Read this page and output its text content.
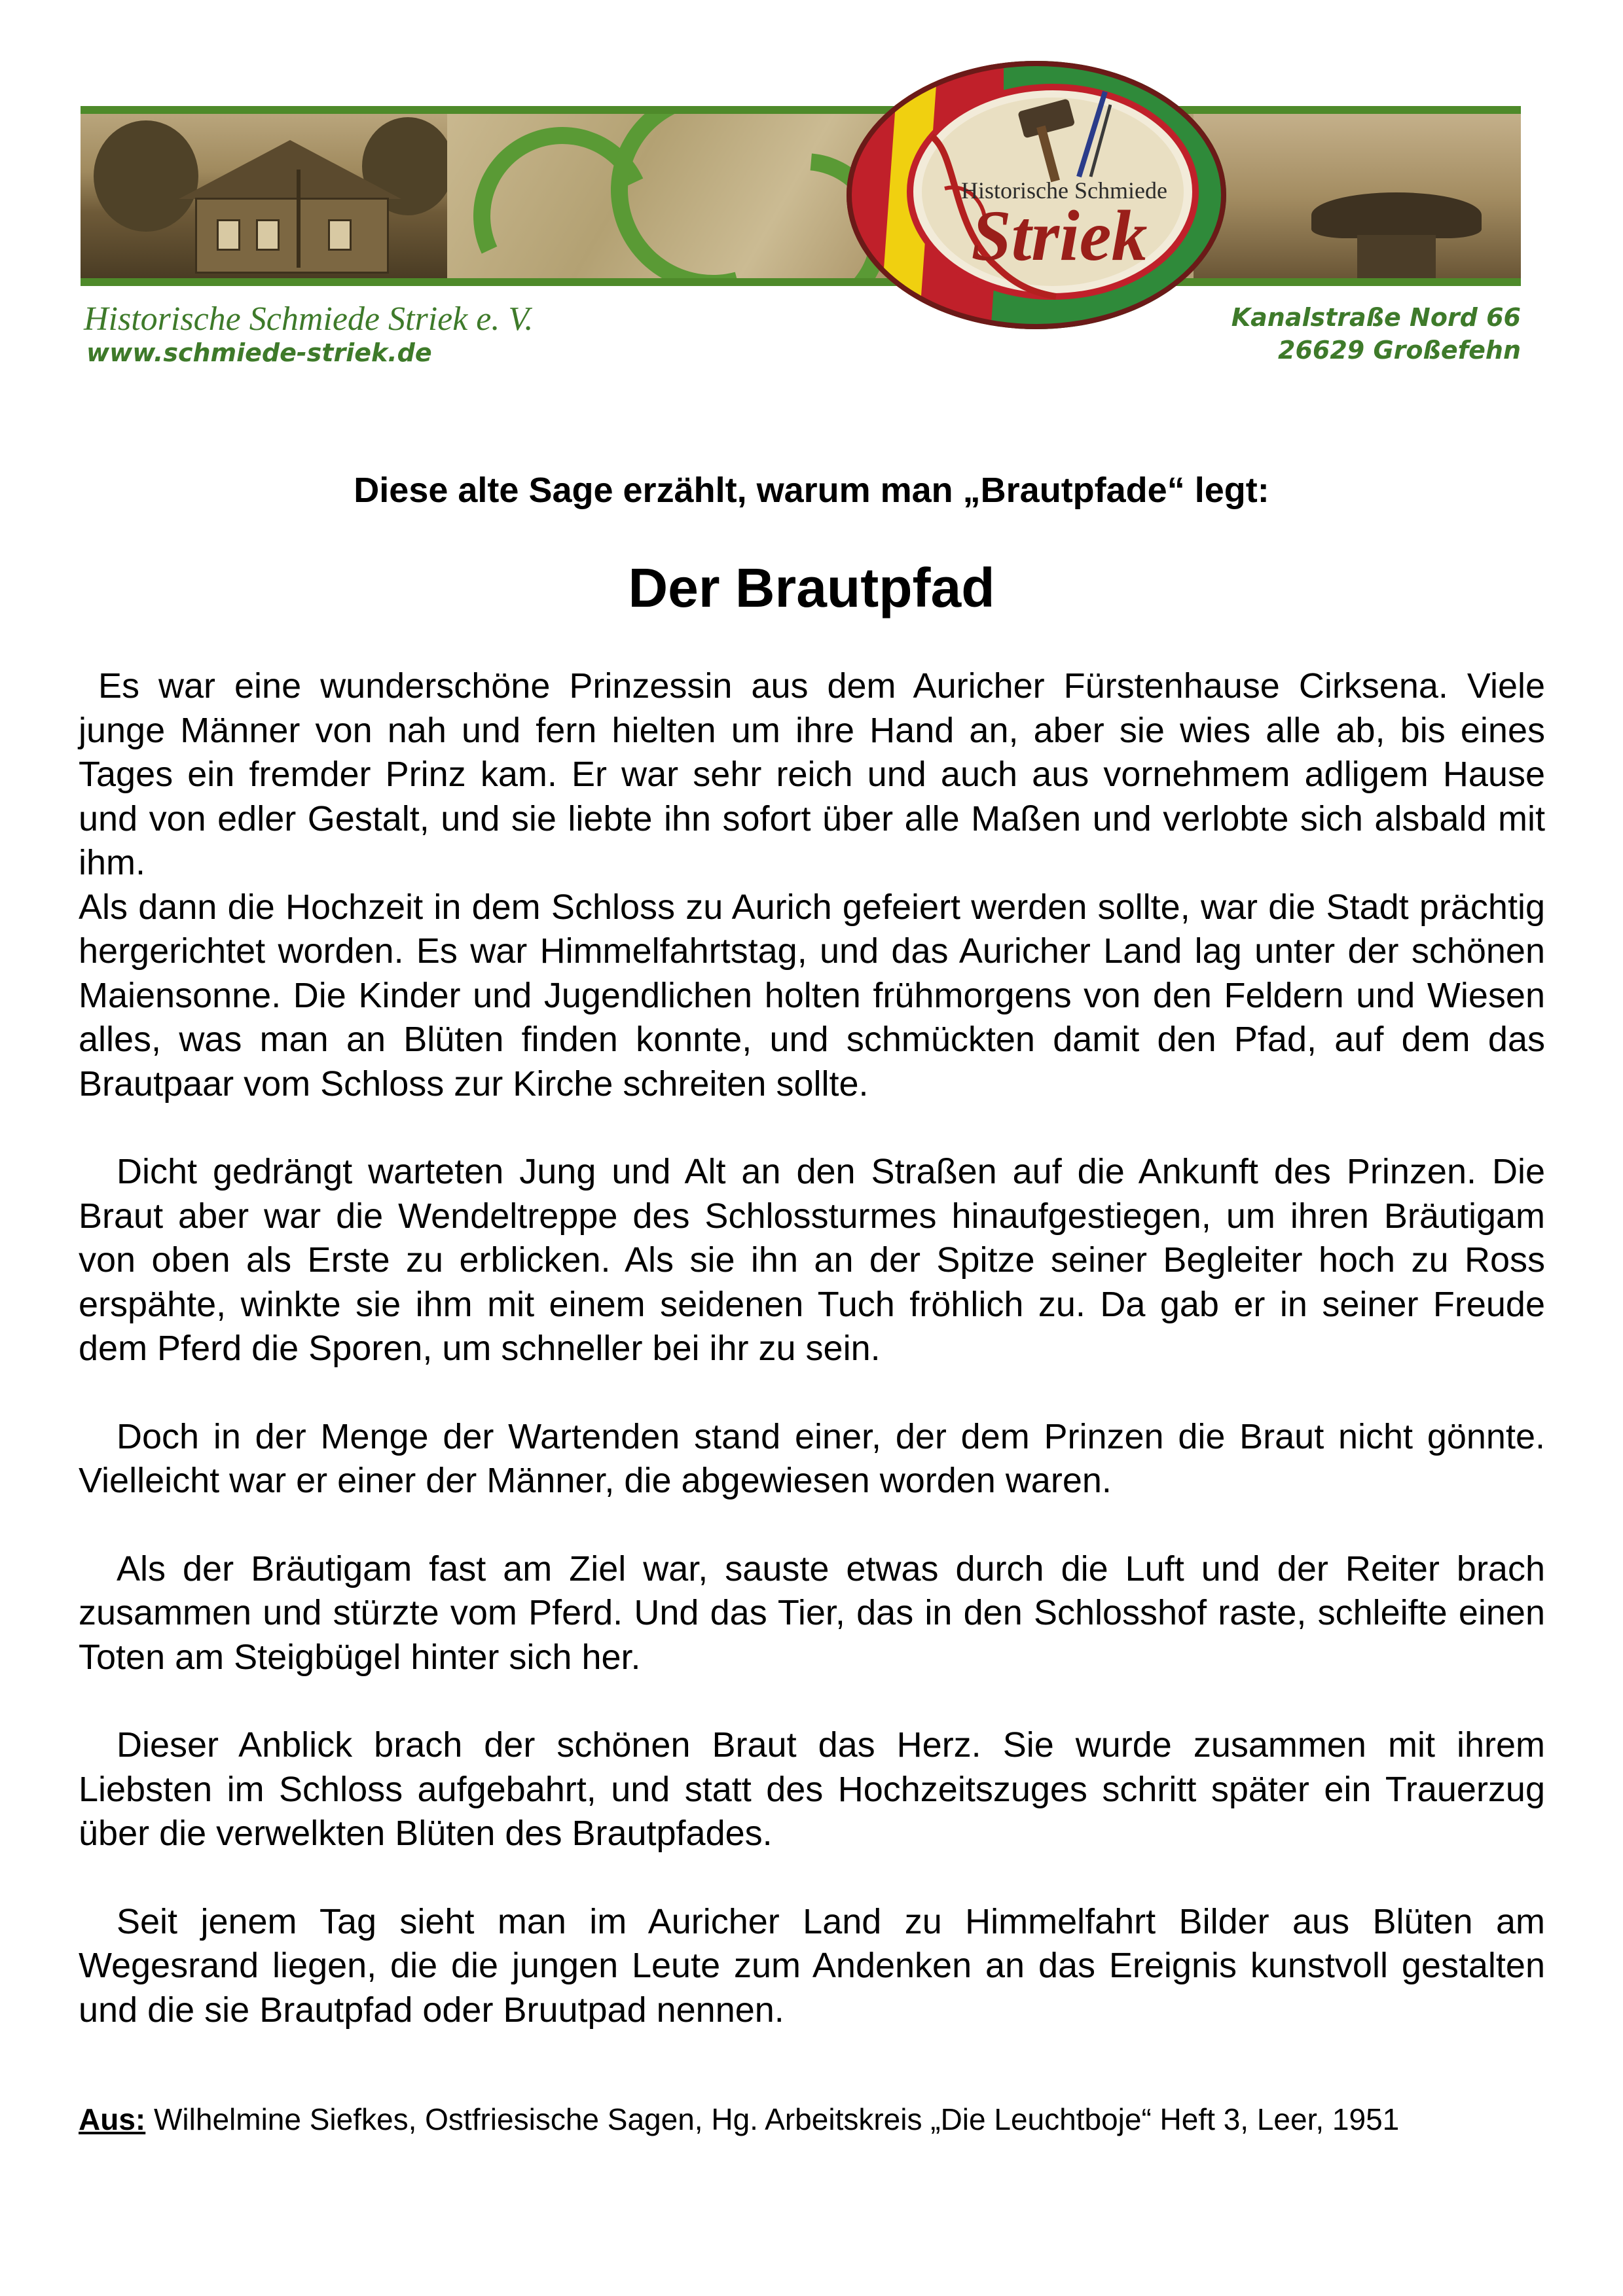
Historische Schmiede
Striek
Historische Schmiede Striek e. V.
www.schmiede-striek.de
Kanalstraße Nord 66
26629 Großefehn
Diese alte Sage erzählt, warum man „Brautpfade“ legt:
Der Brautpfad

Es war eine wunderschöne Prinzessin aus dem Auricher Fürstenhause Cirksena. Viele junge Männer von nah und fern hielten um ihre Hand an, aber sie wies alle ab, bis eines Tages ein fremder Prinz kam. Er war sehr reich und auch aus vornehmem adligem Hause und von edler Gestalt, und sie liebte ihn sofort über alle Maßen und verlobte sich alsbald mit ihm.

Als dann die Hochzeit in dem Schloss zu Aurich gefeiert werden sollte, war die Stadt prächtig hergerichtet worden. Es war Himmelfahrtstag, und das Auricher Land lag unter der schönen Maiensonne. Die Kinder und Jugendlichen holten frühmorgens von den Feldern und Wiesen alles, was man an Blüten finden konnte, und schmückten damit den Pfad, auf dem das Brautpaar vom Schloss zur Kirche schreiten sollte.

Dicht gedrängt warteten Jung und Alt an den Straßen auf die Ankunft des Prinzen. Die Braut aber war die Wendeltreppe des Schlossturmes hinaufgestiegen, um ihren Bräutigam von oben als Erste zu erblicken. Als sie ihn an der Spitze seiner Begleiter hoch zu Ross erspähte, winkte sie ihm mit einem seidenen Tuch fröhlich zu. Da gab er in seiner Freude dem Pferd die Sporen, um schneller bei ihr zu sein.

Doch in der Menge der Wartenden stand einer, der dem Prinzen die Braut nicht gönnte. Vielleicht war er einer der Männer, die abgewiesen worden waren.

Als der Bräutigam fast am Ziel war, sauste etwas durch die Luft und der Reiter brach zusammen und stürzte vom Pferd. Und das Tier, das in den Schlosshof raste, schleifte einen Toten am Steigbügel hinter sich her.

Dieser Anblick brach der schönen Braut das Herz. Sie wurde zusammen mit ihrem Liebsten im Schloss aufgebahrt, und statt des Hochzeitszuges schritt später ein Trauerzug über die verwelkten Blüten des Brautpfades.

Seit jenem Tag sieht man im Auricher Land zu Himmelfahrt Bilder aus Blüten am Wegesrand liegen, die die jungen Leute zum Andenken an das Ereignis kunstvoll gestalten und die sie Brautpfad oder Bruutpad nennen.

Aus: Wilhelmine Siefkes, Ostfriesische Sagen, Hg. Arbeitskreis „Die Leuchtboje“ Heft 3, Leer, 1951
